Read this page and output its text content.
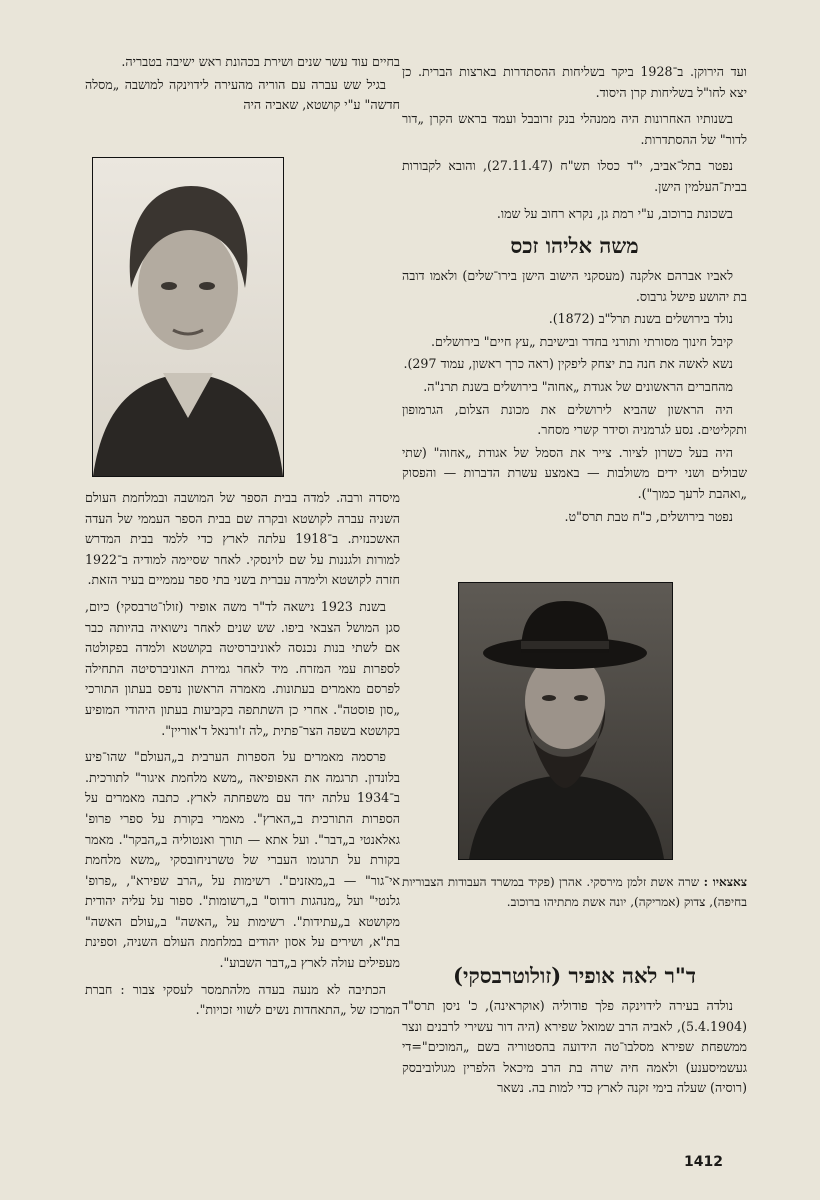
ועד הירוקן. ב־1928 ביקר בשליחות ההסתדרות בארצות הברית. כן יצא לחו"ל בשליחות קרן היסוד.

בשנותיו האחרונות היה ממנהלי בנק זרובבל ועמד בראש הקרן „דור לדור" של ההסתדרות.

נפטר בתל־אביב, י"ד כסלו תש"ח (27.11.47), והובא לקבורות בבית־העלמין הישן.

בשכונת ברוכוב, ע"י רמת גן, נקרא רחוב על שמו.

משה אליהו זכס

לאביו אברהם אלקנה (מעסקני הישוב הישן בירו־שלים) ולאמו דובה בת יהושע פישל גרבוס.

נולד בירושלים בשנת תרל"ב (1872).

קיבל חינוך מסורתי ותורני בחדר ובישיבת „עץ חיים" בירושלים.

נשא לאשה את חנה בת יצחק ליפקין (ראה כרך ראשון, עמוד 297).

מהחברים הראשונים של אגודת „אחוה" בירושלים בשנת תרנ"ה.

היה הראשון שהביא לירושלים את מכונת הצלום, הגרמופון ותקליטים. נסע לגרמניה וסידר קשרי מסחר.

היה בעל כשרון לציור. צייר את הסמל של אגודת „אחוה" (שתי שבולים ושני ידים משולבות — באמצע עשרת הדברות — והפסוק „ואהבת לרעך כמוך").

נפטר בירושלים, כ"ח טבת תרס"ט.

צאצאיו : שרה אשת זלמן מירסקי. אהרן (פקיד במשרד העבודות הצבוריות בחיפה), צדוק (אמריקה), יונה אשת מתתיהו ברוכוב.
ד"ר לאה אופיר (זולוטרבסקי)

נולדה בעירה לידוינקה פלך פודוליה (אוקראינה), כ' ניסן תרס"ד (5.4.1904), לאביה הרב שמואל שפירא (היה דור עשירי לרבנים ונצר ממשפחת שפירא מסלבו־טה הידועה בהסטוריה בשם „המוכים"=די געשמיסענע) ולאמה חיה שרה בת הרב מיכאל הלפרין מגולוביבסק (רוסיה) שעלה בימי זקנה לארץ כדי למות בה. נשאר

בחיים עוד עשר שנים ושירת בכהונת ראש ישיבה בטבריה.

בגיל שש עברה עם הוריה מהעירה לידוינקה למושבה „מסלה חדשה" ע"י קושטא, שאביה היה

מיסדה ורבה. למדה בבית הספר של המושבה ובמלחמת העולם השניה עברה לקושטא ובקרה שם בבית הספר העממי של העדה האשכנזית. ב־1918 עלתה לארץ כדי ללמד בבית המדרש למורות ולגננות על שם לוינסקי. לאחר שסיימה למודיה ב־1922 חזרה לקושטא ולימדה עברית בשני בתי ספר עממיים בעיר הזאת.

בשנת 1923 נישאה לד"ר משה אופיר (זולו־טרבסקי) כיום, סגן המושל הצבאי ביפו. שש שנים לאחר נישואיה בהיותה כבר אם לשתי בנות נכנסה לאוניברסיטה בקושטא ולמדה בפקולטה לספרות עמי המזרח. מיד לאחר גמירת האוניברסיטה התחילה לפרסם מאמרים בעתונות. מאמרה הראשון נדפס בעתון התורכי „סון פוסטה". אחרי כן השתתפה בקביעות בעתון היהודי המופיע בקושטא בשפה הצר־פתית „לה ז'ורנאל ד'אוריין".

פרסמה מאמרים על הספרות הערבית ב„העולם" שהו־פיע בלונדון. תרגמה את האפופיאה „משא מלחמת איגור" לתורכית. ב־1934 עלתה יחד עם משפחתה לארץ. כתבה מאמרים על הספרות התורכית ב„הארץ". מאמרי בקורת על ספרי פרופ' גאלאנטי ב„דבר". ועל אתא — תורך ואנטוליה ב„הבקר". מאמר בקורת על תרגומו העברי של טשרניחובסקי „משא מלחמת אי־גור" — ב„מאזנים". רשימות על „הרב שפירא", „פרופ' גלנטי" ועל „מנהגות רודוס" ב„רשומות". ספור על עליה יהודית מקושטא ב„עתידות". רשימות על „האשה" ב„עולם האשה" בת"א, ושירים על אסון יהודים במלחמת העולם השניה, וספינת מעפילים עולה לארץ ב„דבר השבוע".

הכתיבה לא מנעה בעדה מלהתמסר לעסקי צבור : חברת המרכז של „התאחדות נשים לשווי זכויות".

1412
